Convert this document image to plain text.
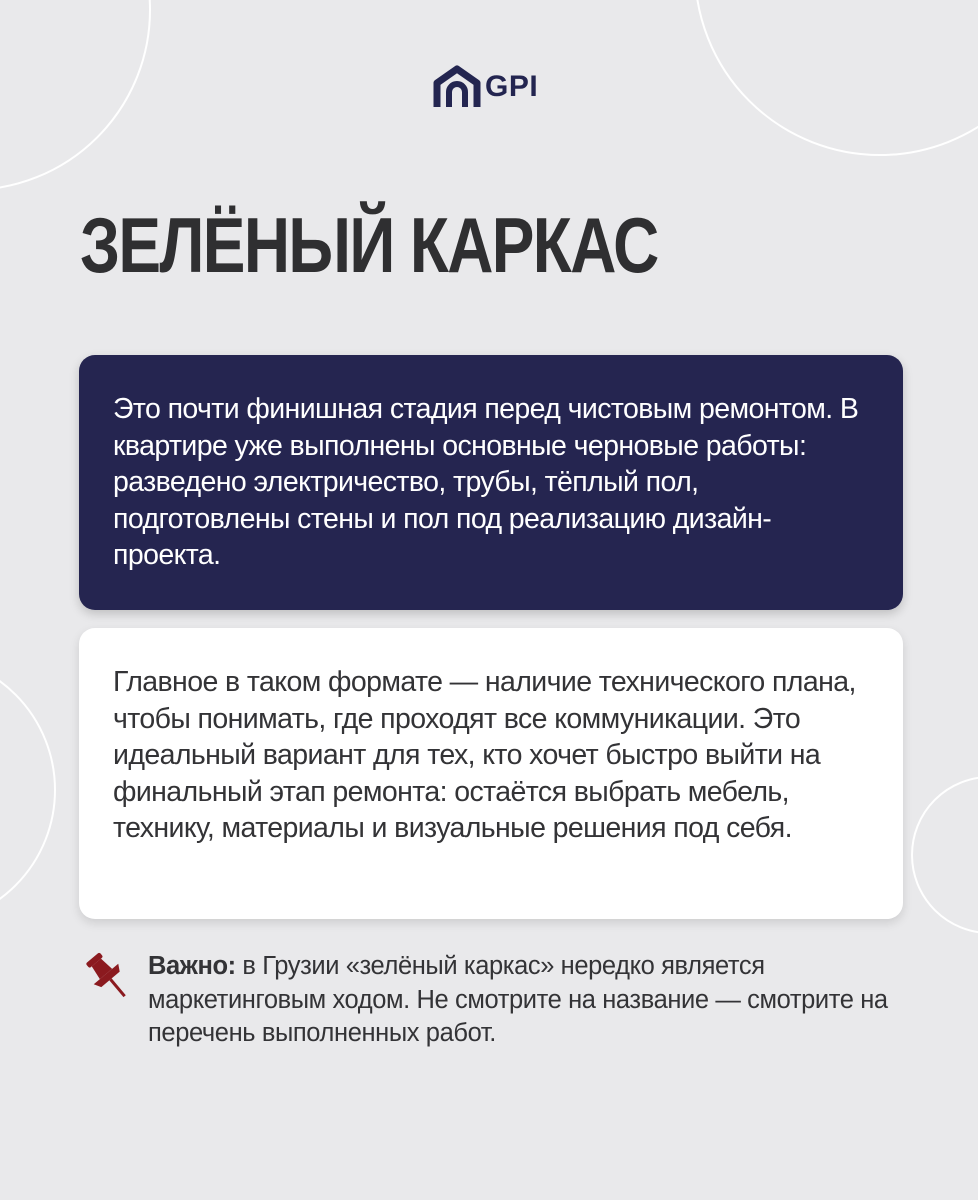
GPI
ЗЕЛЁНЫЙ КАРКАС

Это почти финишная стадия перед чистовым ремонтом. В квартире уже выполнены основные черновые работы: разведено электричество, трубы, тёплый пол, подготовлены стены и пол под реализацию дизайн-проекта.

Главное в таком формате — наличие технического плана, чтобы понимать, где проходят все коммуникации. Это идеальный вариант для тех, кто хочет быстро выйти на финальный этап ремонта: остаётся выбрать мебель, технику, материалы и визуальные решения под себя.

Важно: в Грузии «зелёный каркас» нередко является маркетинговым ходом. Не смотрите на название — смотрите на перечень выполненных работ.
